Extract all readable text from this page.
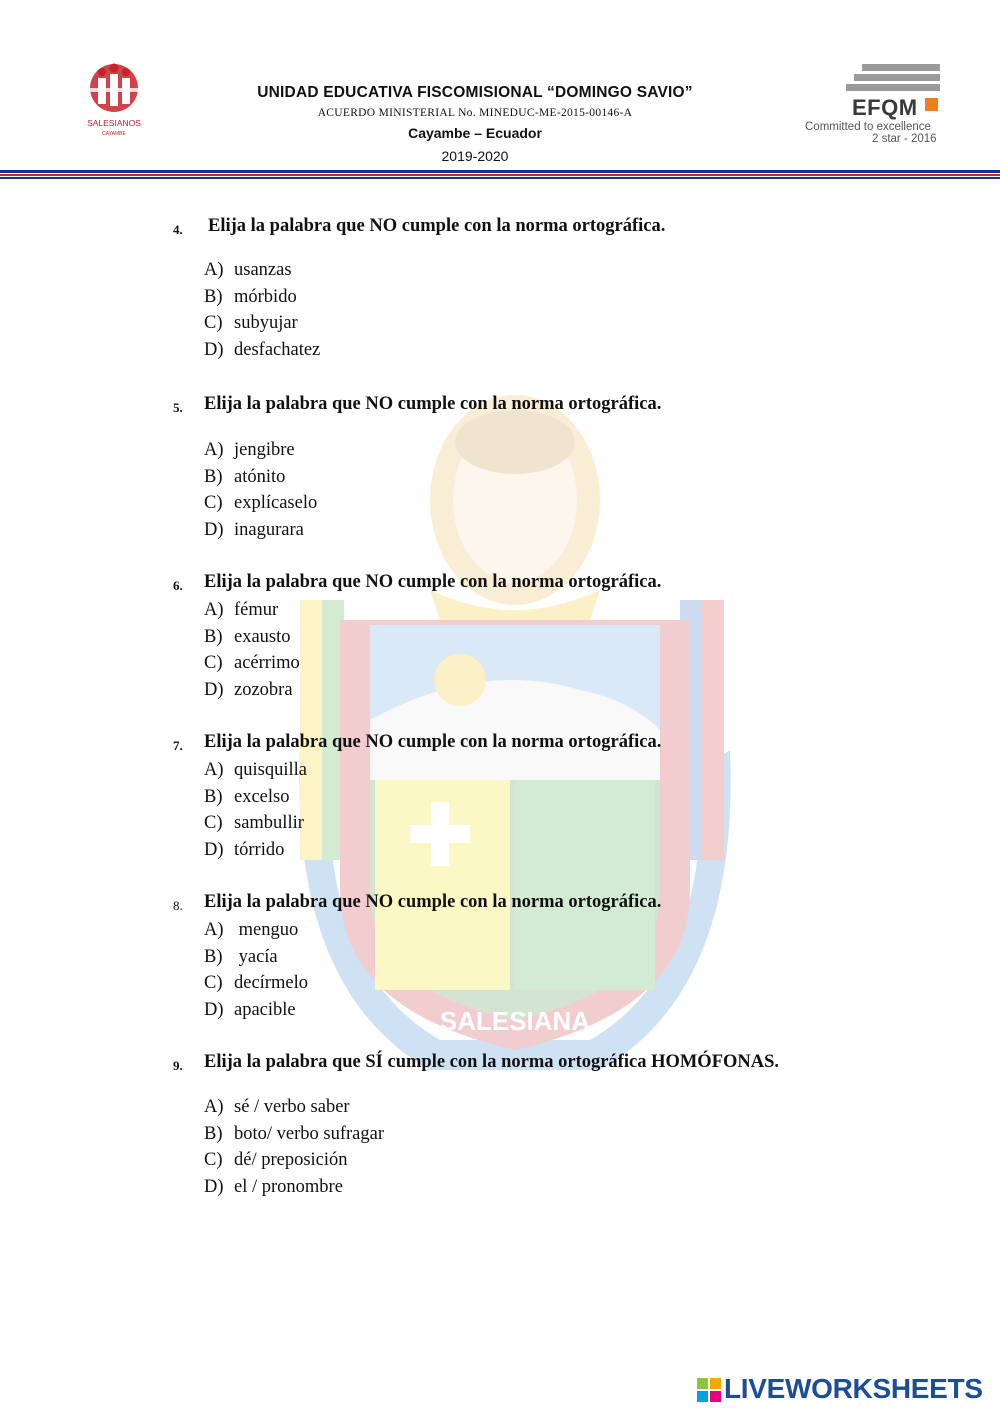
SALESIANOS
CAYAMBE
UNIDAD EDUCATIVA FISCOMISIONAL “DOMINGO SAVIO”
ACUERDO MINISTERIAL No. MINEDUC-ME-2015-00146-A
Cayambe – Ecuador
2019-2020
EFQM
Committed to excellence
2 star - 2016
SALESIANA
HONRADOS CIUDADANOS
4. Elija la palabra que NO cumple con la norma ortográfica.
A) usanzas
B) mórbido
C) subyujar
D) desfachatez
5. Elija la palabra que NO cumple con la norma ortográfica.
A) jengibre
B) atónito
C) explícaselo
D) inagurara
6. Elija la palabra que NO cumple con la norma ortográfica.
A) fémur
B) exausto
C) acérrimo
D) zozobra
7. Elija la palabra que NO cumple con la norma ortográfica.
A) quisquilla
B) excelso
C) sambullir
D) tórrido
8. Elija la palabra que NO cumple con la norma ortográfica.
A) menguo
B) yacía
C) decírmelo
D) apacible
9. Elija la palabra que SÍ cumple con la norma ortográfica HOMÓFONAS.
A) sé / verbo saber
B) boto/ verbo sufragar
C) dé/ preposición
D) el / pronombre
LIVEWORKSHEETS
